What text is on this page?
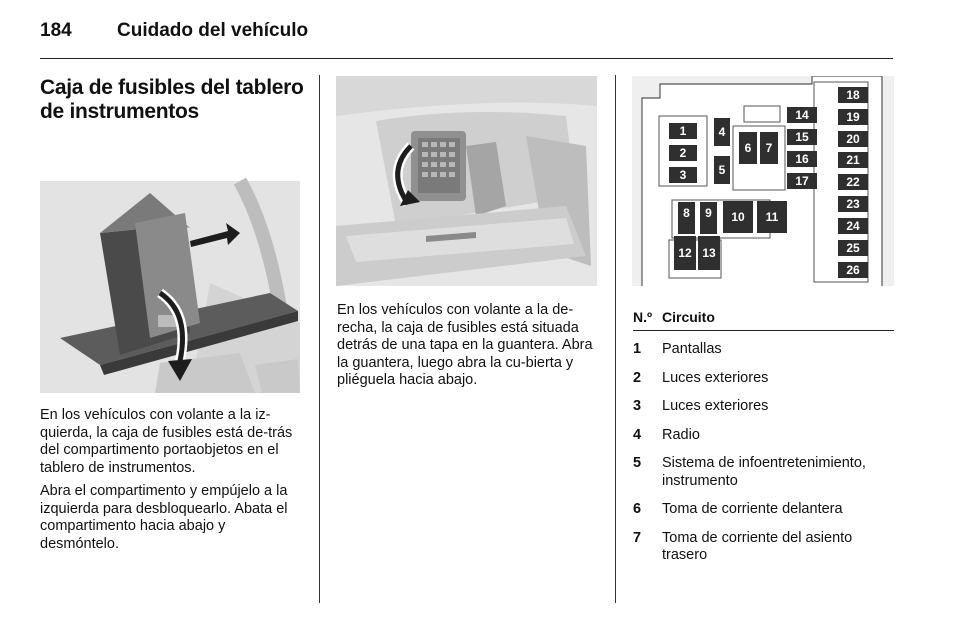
184 Cuidado del vehículo
Caja de fusibles del tablero de instrumentos

En los vehículos con volante a la iz-quierda, la caja de fusibles está de-trás del compartimento portaobjetos en el tablero de instrumentos.

Abra el compartimento y empújelo a la izquierda para desbloquearlo. Abata el compartimento hacia abajo y desmóntelo.

En los vehículos con volante a la de-recha, la caja de fusibles está situada detrás de una tapa en la guantera. Abra la guantera, luego abra la cu-bierta y pliéguela hacia abajo.

1
2
3
4
5
6	7
8	9	10	11
12 13
14
15
16
17
18
19
20
21
22
23
24
25
26
N.º Circuito
1 Pantallas
2 Luces exteriores
3 Luces exteriores
4 Radio
5 Sistema de infoentretenimiento, instrumento
6 Toma de corriente delantera
7 Toma de corriente del asiento trasero
